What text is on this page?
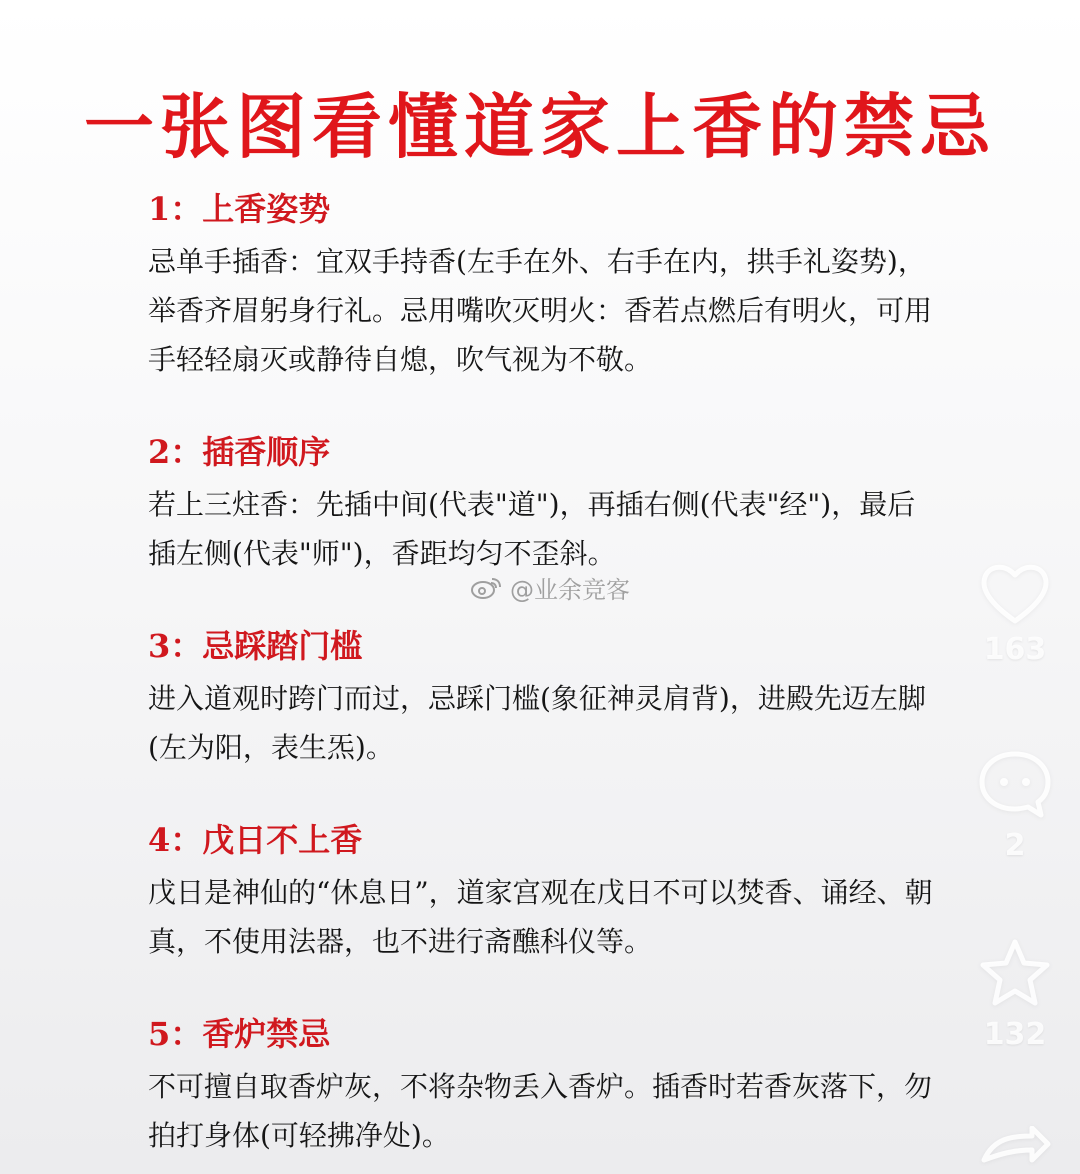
一张图看懂道家上香的禁忌
1：上香姿势

忌单手插香：宜双手持香(左手在外、右手在内，拱手礼姿势)，举香齐眉躬身行礼。忌用嘴吹灭明火：香若点燃后有明火，可用手轻轻扇灭或静待自熄，吹气视为不敬。

2：插香顺序

若上三炷香：先插中间(代表"道")，再插右侧(代表"经")，最后插左侧(代表"师")，香距均匀不歪斜。

3：忌踩踏门槛

进入道观时跨门而过，忌踩门槛(象征神灵肩背)，进殿先迈左脚(左为阳，表生炁)。

4：戊日不上香

戊日是神仙的“休息日”，道家宫观在戊日不可以焚香、诵经、朝真，不使用法器，也不进行斋醮科仪等。

5：香炉禁忌

不可擅自取香炉灰，不将杂物丢入香炉。插香时若香灰落下，勿拍打身体(可轻拂净处)。

@业余竞客
163
2
132
